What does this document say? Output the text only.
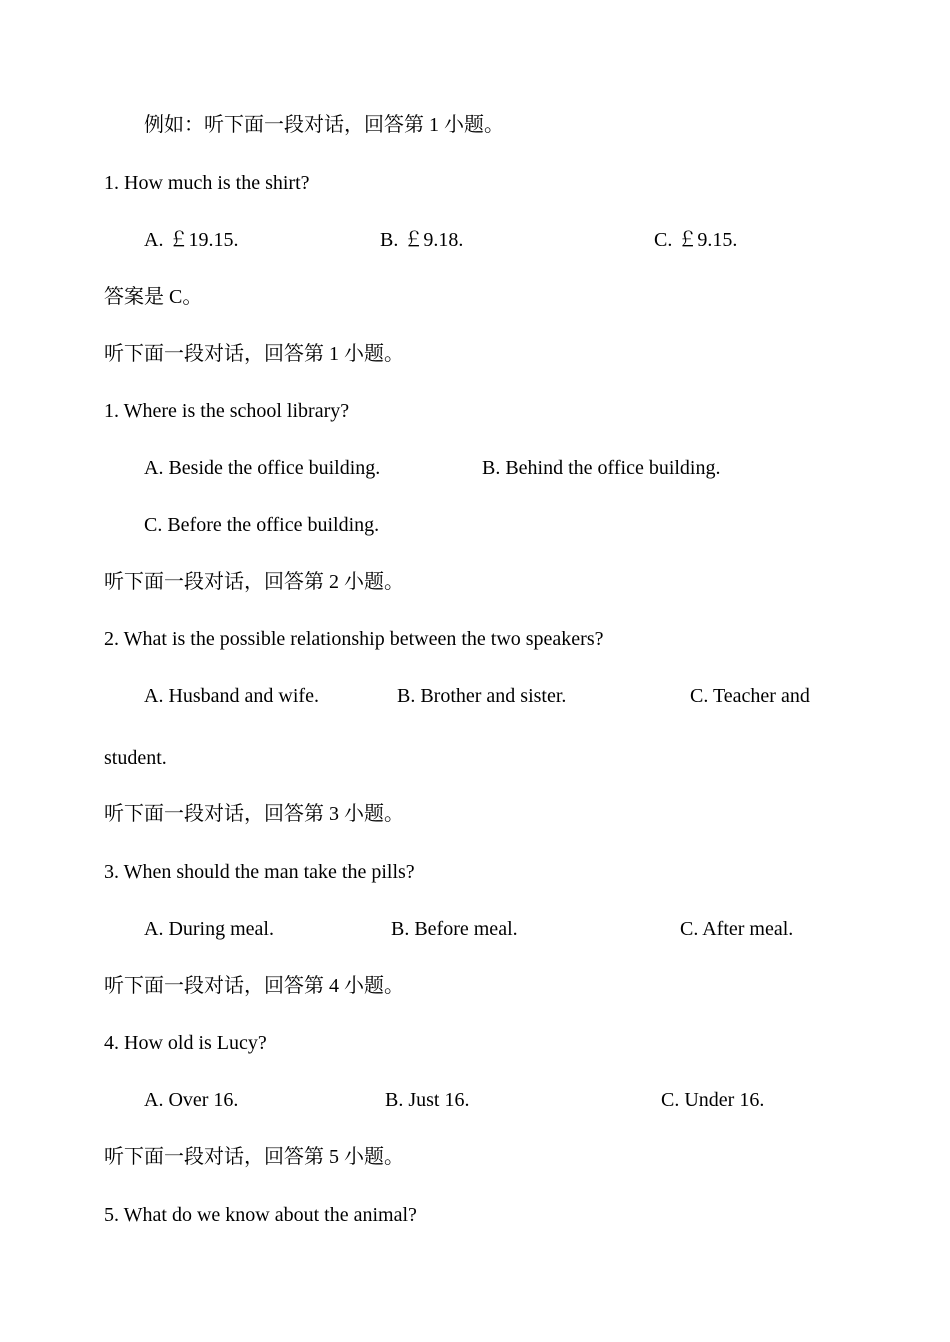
例如：听下面一段对话，回答第 1 小题。
1. How much is the shirt?
A. ￡19.15.	B. ￡9.18.	C. ￡9.15.
答案是 C。
听下面一段对话，回答第 1 小题。
1. Where is the school library?
A. Beside the office building.	B. Behind the office building.
C. Before the office building.
听下面一段对话，回答第 2 小题。
2. What is the possible relationship between the two speakers?
A. Husband and wife.	B. Brother and sister.	C. Teacher and
student.
听下面一段对话，回答第 3 小题。
3. When should the man take the pills?
A. During meal.	B. Before meal.	C. After meal.
听下面一段对话，回答第 4 小题。
4. How old is Lucy?
A. Over 16.	B. Just 16.	C. Under 16.
听下面一段对话，回答第 5 小题。
5. What do we know about the animal?
